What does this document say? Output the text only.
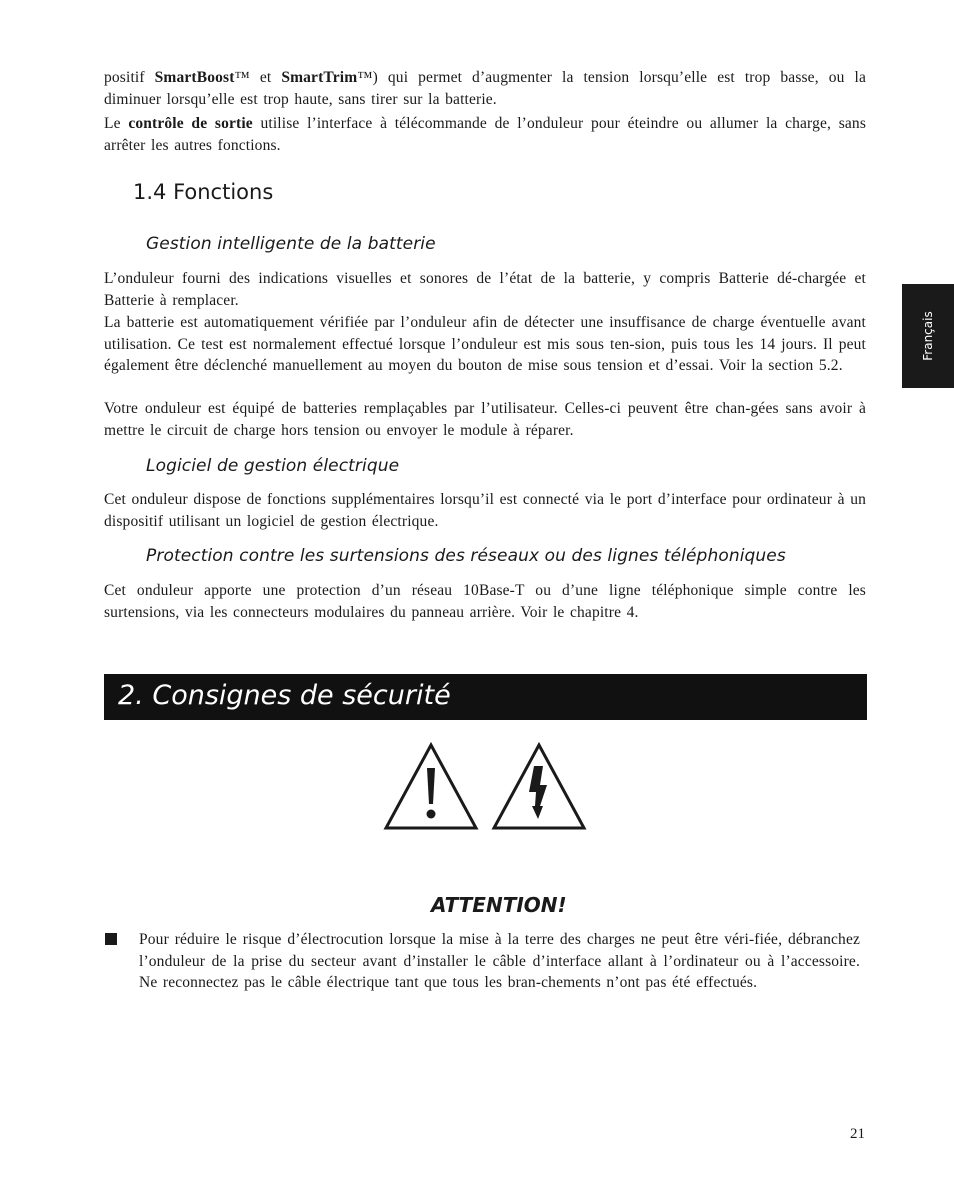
positif SmartBoost™ et SmartTrim™) qui permet d’augmenter la tension lorsqu’elle est trop basse, ou la diminuer lorsqu’elle est trop haute, sans tirer sur la batterie.

Le contrôle de sortie utilise l’interface à télécommande de l’onduleur pour éteindre ou allumer la charge, sans arrêter les autres fonctions.

1.4 Fonctions
Gestion intelligente de la batterie

L’onduleur fourni des indications visuelles et sonores de l’état de la batterie, y compris Batterie dé-chargée et Batterie à remplacer.

La batterie est automatiquement vérifiée par l’onduleur afin de détecter une insuffisance de charge éventuelle avant utilisation. Ce test est normalement effectué lorsque l’onduleur est mis sous ten-sion, puis tous les 14 jours. Il peut également être déclenché manuellement au moyen du bouton de mise sous tension et d’essai. Voir la section 5.2.

Votre onduleur est équipé de batteries remplaçables par l’utilisateur. Celles-ci peuvent être chan-gées sans avoir à mettre le circuit de charge hors tension ou envoyer le module à réparer.

Logiciel de gestion électrique

Cet onduleur dispose de fonctions supplémentaires lorsqu’il est connecté via le port d’interface pour ordinateur à un dispositif utilisant un logiciel de gestion électrique.

Protection contre les surtensions des réseaux ou des lignes téléphoniques

Cet onduleur apporte une protection d’un réseau 10Base-T ou d’une ligne téléphonique simple contre les surtensions, via les connecteurs modulaires du panneau arrière. Voir le chapitre 4.

Français
2. Consignes de sécurité
ATTENTION!

Pour réduire le risque d’électrocution lorsque la mise à la terre des charges ne peut être véri-fiée, débranchez l’onduleur de la prise du secteur avant d’installer le câble d’interface allant à l’ordinateur ou à l’accessoire. Ne reconnectez pas le câble électrique tant que tous les bran-chements n’ont pas été effectués.

21
